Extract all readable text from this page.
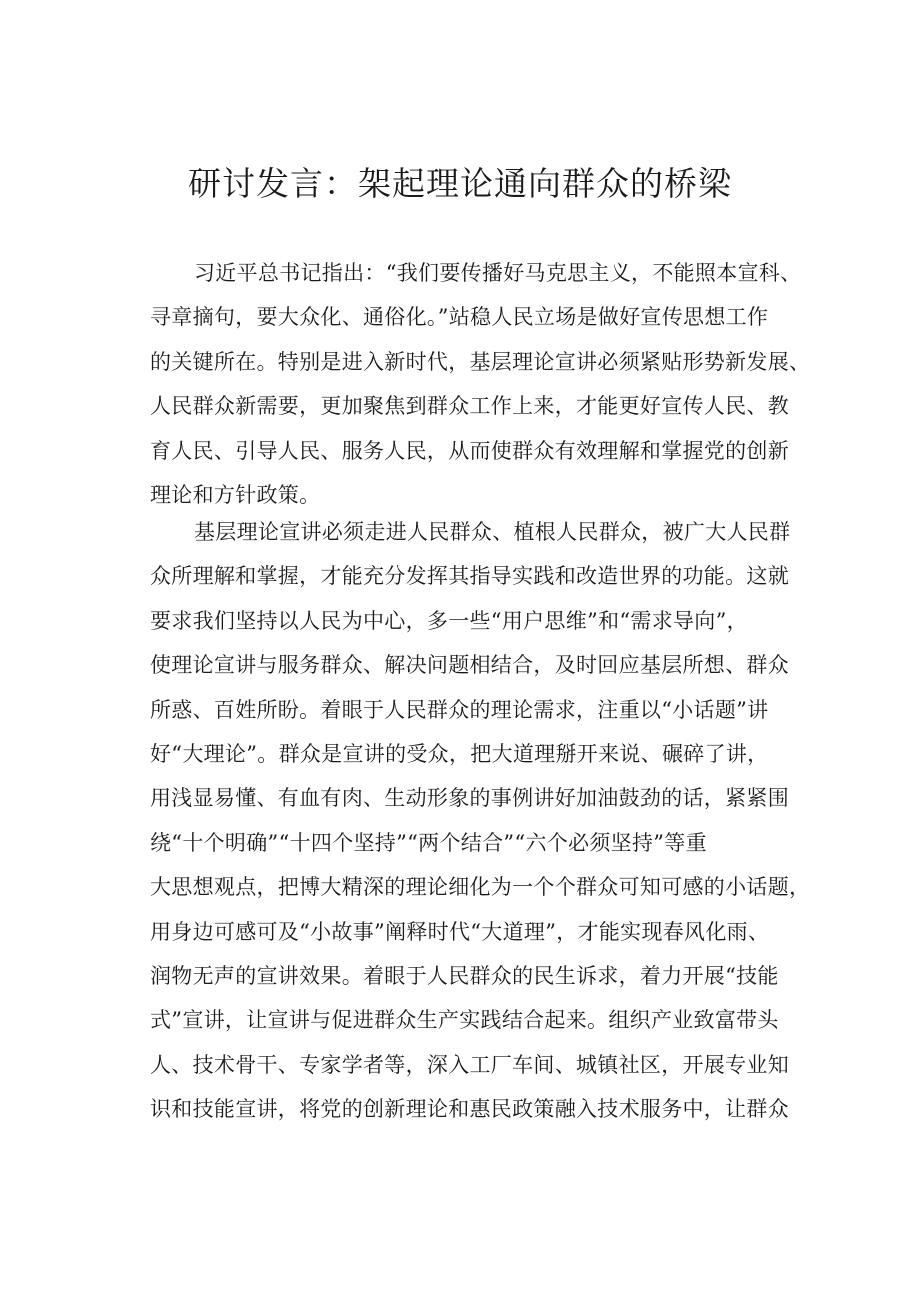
研讨发言：架起理论通向群众的桥梁
习近平总书记指出：“我们要传播好马克思主义，不能照本宣科、
寻章摘句，要大众化、通俗化。”站稳人民立场是做好宣传思想工作
的关键所在。特别是进入新时代，基层理论宣讲必须紧贴形势新发展、
人民群众新需要，更加聚焦到群众工作上来，才能更好宣传人民、教
育人民、引导人民、服务人民，从而使群众有效理解和掌握党的创新
理论和方针政策。
基层理论宣讲必须走进人民群众、植根人民群众，被广大人民群
众所理解和掌握，才能充分发挥其指导实践和改造世界的功能。这就
要求我们坚持以人民为中心，多一些“用户思维”和“需求导向”，
使理论宣讲与服务群众、解决问题相结合，及时回应基层所想、群众
所惑、百姓所盼。着眼于人民群众的理论需求，注重以“小话题”讲
好“大理论”。群众是宣讲的受众，把大道理掰开来说、碾碎了讲，
用浅显易懂、有血有肉、生动形象的事例讲好加油鼓劲的话，紧紧围
绕“十个明确”“十四个坚持”“两个结合”“六个必须坚持”等重
大思想观点，把博大精深的理论细化为一个个群众可知可感的小话题，
用身边可感可及“小故事”阐释时代“大道理”，才能实现春风化雨、
润物无声的宣讲效果。着眼于人民群众的民生诉求，着力开展“技能
式”宣讲，让宣讲与促进群众生产实践结合起来。组织产业致富带头
人、技术骨干、专家学者等，深入工厂车间、城镇社区，开展专业知
识和技能宣讲，将党的创新理论和惠民政策融入技术服务中，让群众
